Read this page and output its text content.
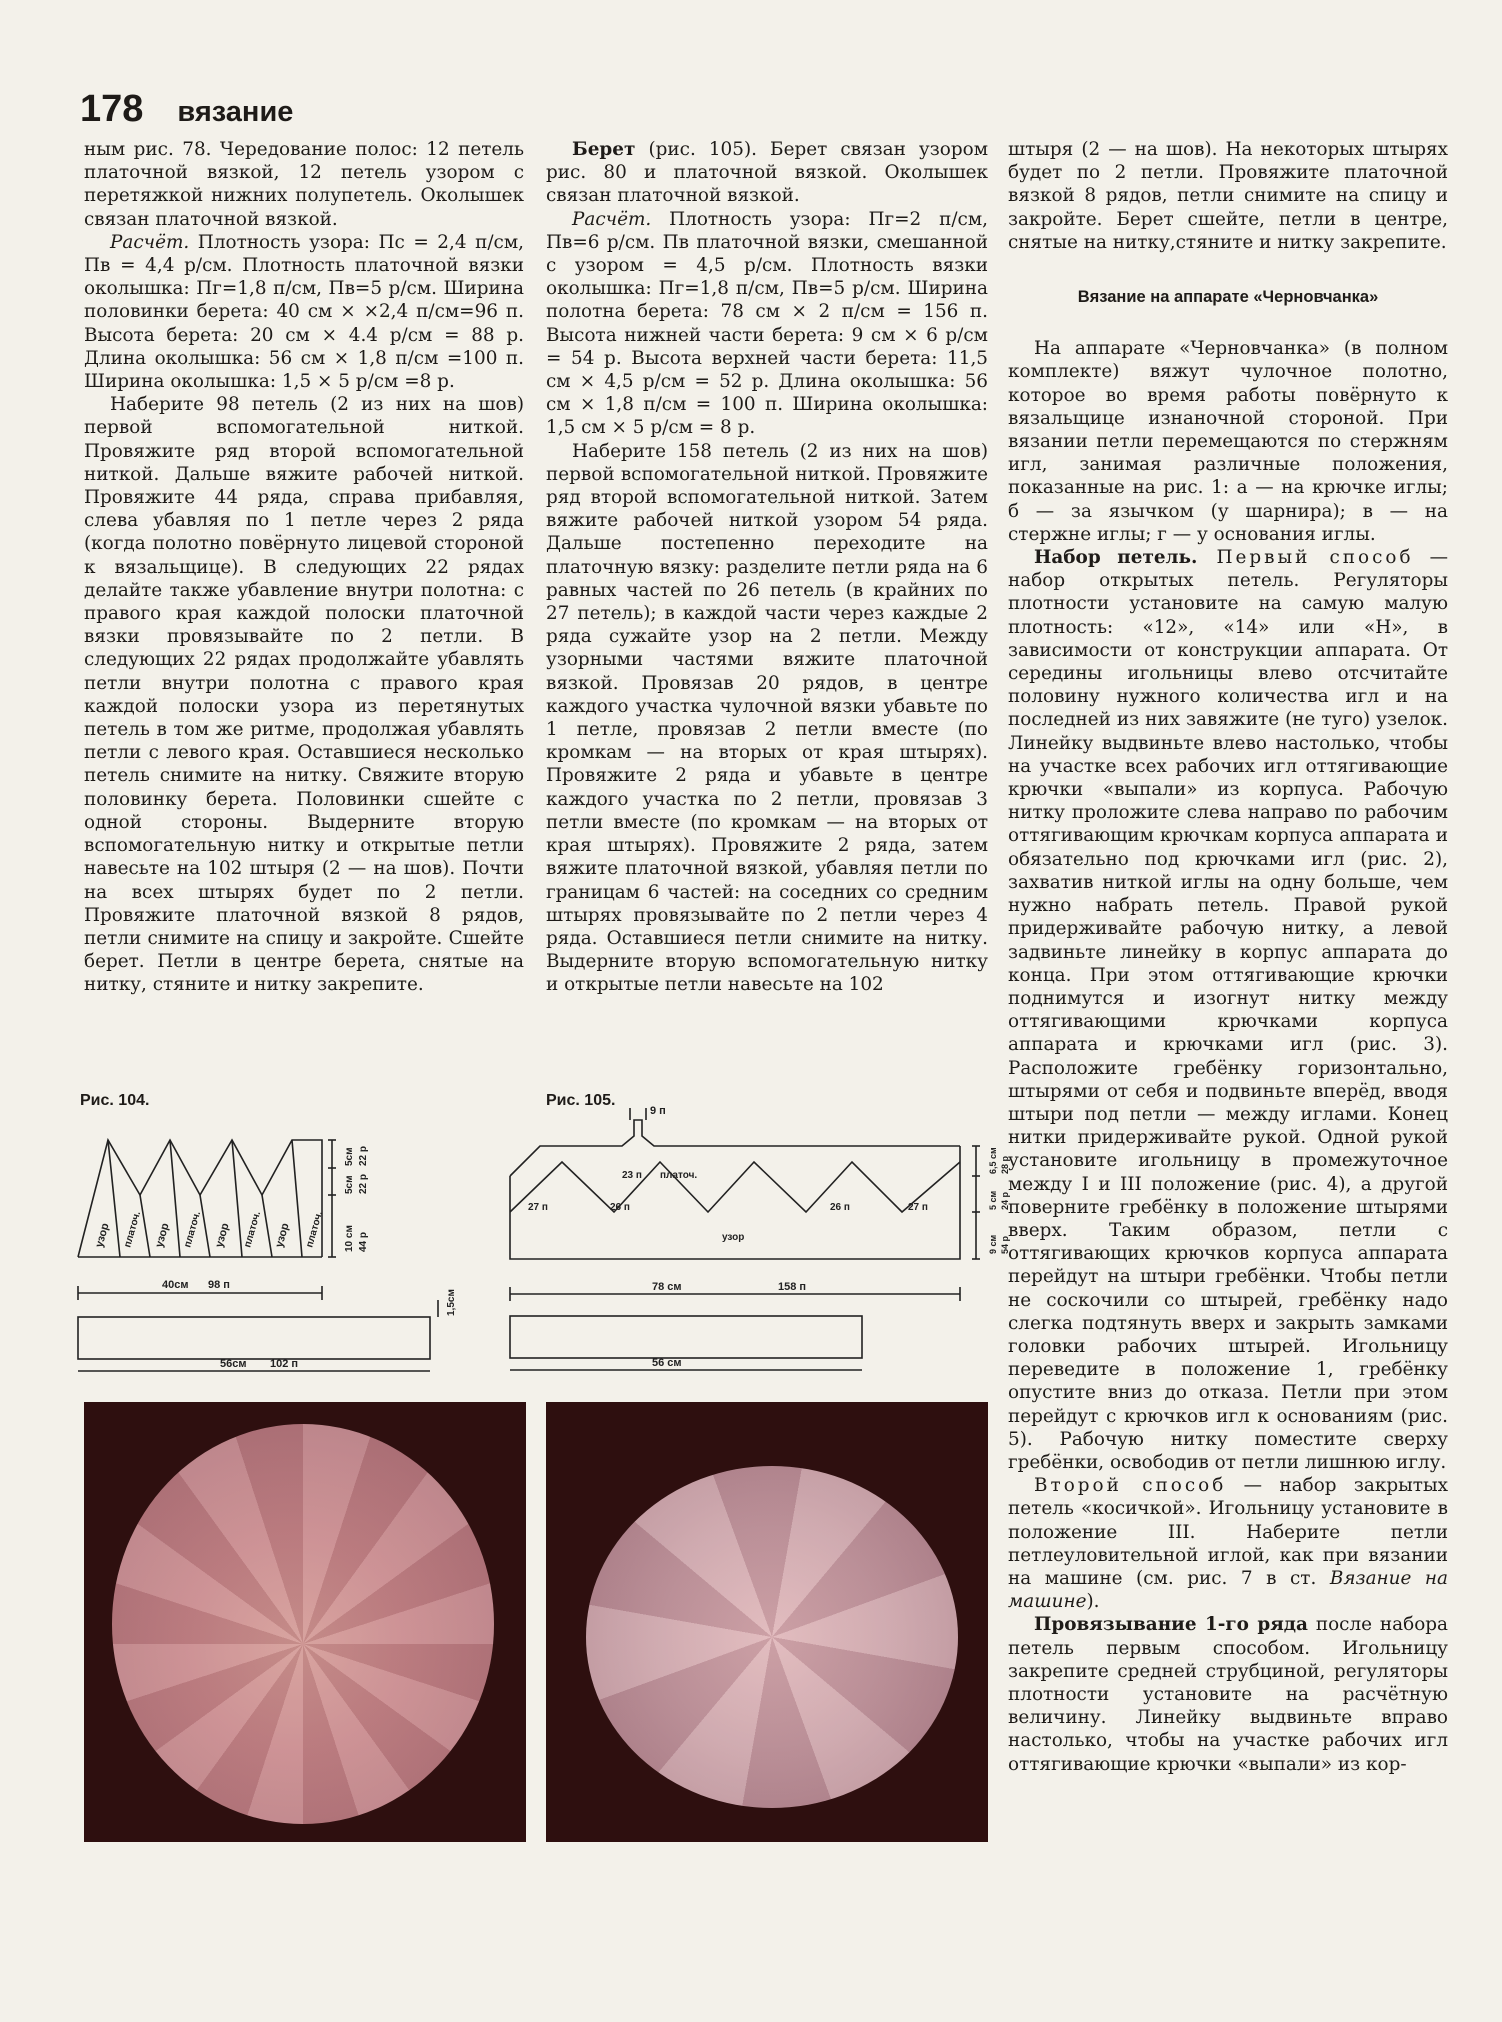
178 вязание

ным рис. 78. Чередование полос: 12 петель платочной вязкой, 12 петель узором с перетяжкой нижних полупетель. Околышек связан платочной вязкой.

Расчёт. Плотность узора: Пс = 2,4 п/см, Пв = 4,4 р/см. Плотность платочной вязки околышка: Пг=1,8 п/см, Пв=5 р/см. Ширина половинки берета: 40 см × ×2,4 п/см=96 п. Высота берета: 20 см × 4.4 р/см = 88 р. Длина околышка: 56 см × 1,8 п/см =100 п. Ширина околышка: 1,5 × 5 р/см =8 р.

Наберите 98 петель (2 из них на шов) первой вспомогательной ниткой. Провяжите ряд второй вспомогательной ниткой. Дальше вяжите рабочей ниткой. Провяжите 44 ряда, справа прибавляя, слева убавляя по 1 петле через 2 ряда (когда полотно повёрнуто лицевой стороной к вязальщице). В следующих 22 рядах делайте также убавление внутри полотна: с правого края каждой полоски платочной вязки провязывайте по 2 петли. В следующих 22 рядах продолжайте убавлять петли внутри полотна с правого края каждой полоски узора из перетянутых петель в том же ритме, продолжая убавлять петли с левого края. Оставшиеся несколько петель снимите на нитку. Свяжите вторую половинку берета. Половинки сшейте с одной стороны. Выдерните вторую вспомогательную нитку и открытые петли навесьте на 102 штыря (2 — на шов). Почти на всех штырях будет по 2 петли. Провяжите платочной вязкой 8 рядов, петли снимите на спицу и закройте. Сшейте берет. Петли в центре берета, снятые на нитку, стяните и нитку закрепите.

Берет (рис. 105). Берет связан узором рис. 80 и платочной вязкой. Околышек связан платочной вязкой.

Расчёт. Плотность узора: Пг=2 п/см, Пв=6 р/см. Пв платочной вязки, смешанной с узором = 4,5 р/см. Плотность вязки околышка: Пг=1,8 п/см, Пв=5 р/см. Ширина полотна берета: 78 см × 2 п/см = 156 п. Высота нижней части берета: 9 см × 6 р/см = 54 р. Высота верхней части берета: 11,5 см × 4,5 р/см = 52 р. Длина околышка: 56 см × 1,8 п/см = 100 п. Ширина околышка: 1,5 см × 5 р/см = 8 р.

Наберите 158 петель (2 из них на шов) первой вспомогательной ниткой. Провяжите ряд второй вспомогательной ниткой. Затем вяжите рабочей ниткой узором 54 ряда. Дальше постепенно переходите на платочную вязку: разделите петли ряда на 6 равных частей по 26 петель (в крайних по 27 петель); в каждой части через каждые 2 ряда сужайте узор на 2 петли. Между узорными частями вяжите платочной вязкой. Провязав 20 рядов, в центре каждого участка чулочной вязки убавьте по 1 петле, провязав 2 петли вместе (по кромкам — на вторых от края штырях). Провяжите 2 ряда и убавьте в центре каждого участка по 2 петли, провязав 3 петли вместе (по кромкам — на вторых от края штырях). Провяжите 2 ряда, затем вяжите платочной вязкой, убавляя петли по границам 6 частей: на соседних со средним штырях провязывайте по 2 петли через 4 ряда. Оставшиеся петли снимите на нитку. Выдерните вторую вспомогательную нитку и открытые петли навесьте на 102

штыря (2 — на шов). На некоторых штырях будет по 2 петли. Провяжите платочной вязкой 8 рядов, петли снимите на спицу и закройте. Берет сшейте, петли в центре, снятые на нитку,стяните и нитку закрепите.

Вязание на аппарате «Черновчанка»

На аппарате «Черновчанка» (в полном комплекте) вяжут чулочное полотно, которое во время работы повёрнуто к вязальщице изнаночной стороной. При вязании петли перемещаются по стержням игл, занимая различные положения, показанные на рис. 1: а — на крючке иглы; б — за язычком (у шарнира); в — на стержне иглы; г — у основания иглы.

Набор петель. Первый способ — набор открытых петель. Регуляторы плотности установите на самую малую плотность: «12», «14» или «Н», в зависимости от конструкции аппарата. От середины игольницы влево отсчитайте половину нужного количества игл и на последней из них завяжите (не туго) узелок. Линейку выдвиньте влево настолько, чтобы на участке всех рабочих игл оттягивающие крючки «выпали» из корпуса. Рабочую нитку проложите слева направо по рабочим оттягивающим крючкам корпуса аппарата и обязательно под крючками игл (рис. 2), захватив ниткой иглы на одну больше, чем нужно набрать петель. Правой рукой придерживайте рабочую нитку, а левой задвиньте линейку в корпус аппарата до конца. При этом оттягивающие крючки поднимутся и изогнут нитку между оттягивающими крючками корпуса аппарата и крючками игл (рис. 3). Расположите гребёнку горизонтально, штырями от себя и подвиньте вперёд, вводя штыри под петли — между иглами. Конец нитки придерживайте рукой. Одной рукой установите игольницу в промежуточное между I и III положение (рис. 4), а другой поверните гребёнку в положение штырями вверх. Таким образом, петли с оттягивающих крючков корпуса аппарата перейдут на штыри гребёнки. Чтобы петли не соскочили со штырей, гребёнку надо слегка подтянуть вверх и закрыть замками головки рабочих штырей. Игольницу переведите в положение 1, гребёнку опустите вниз до отказа. Петли при этом перейдут с крючков игл к основаниям (рис. 5). Рабочую нитку поместите сверху гребёнки, освободив от петли лишнюю иглу.

Второй способ — набор закрытых петель «косичкой». Игольницу установите в положение III. Наберите петли петлеуловительной иглой, как при вязании на машине (см. рис. 7 в ст. Вязание на машине).

Провязывание 1-го ряда после набора петель первым способом. Игольницу закрепите средней струбциной, регуляторы плотности установите на расчётную величину. Линейку выдвиньте вправо настолько, чтобы на участке рабочих игл оттягивающие крючки «выпали» из кор-

Рис. 104.	Рис. 105.
узор платоч. узор платоч. узор платоч. узор платоч.
5см 22 р
5см 22 р
10 см 44 р
40см 98 п
1,5см
56см 102 п
9 п
23 п платоч.
27 п	26 п	26 п	27 п
узор
6,5 см 28 р
5 см 24 р
9 см 54 р
78 см	158 п
56 см
